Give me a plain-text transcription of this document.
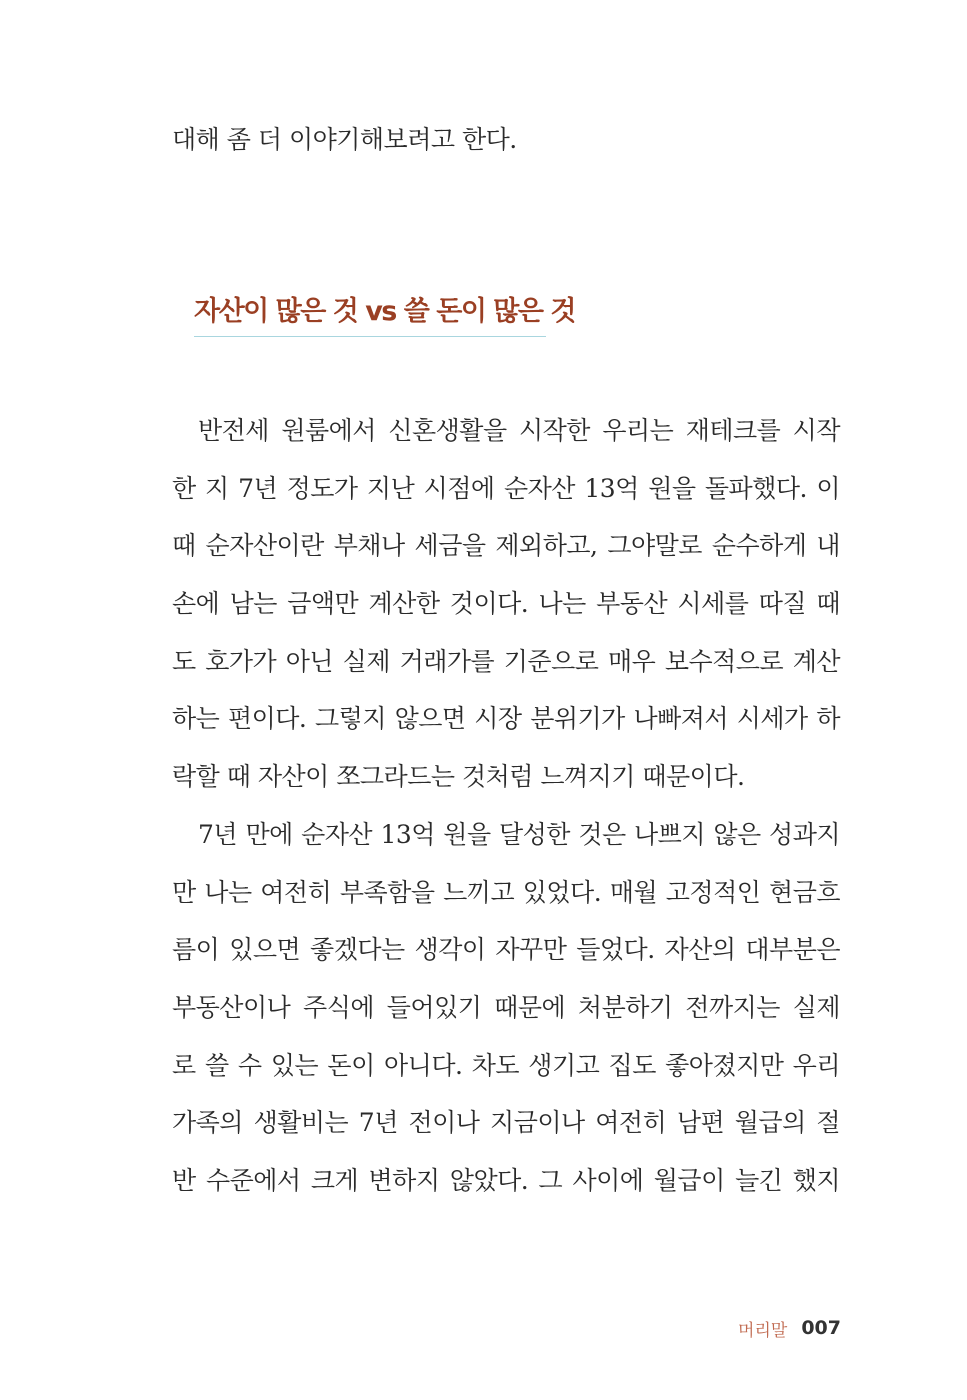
대해 좀 더 이야기해보려고 한다.
자산이 많은 것 vs 쓸 돈이 많은 것
반전세 원룸에서 신혼생활을 시작한 우리는 재테크를 시작
한 지 7년 정도가 지난 시점에 순자산 13억 원을 돌파했다. 이
때 순자산이란 부채나 세금을 제외하고, 그야말로 순수하게 내
손에 남는 금액만 계산한 것이다. 나는 부동산 시세를 따질 때
도 호가가 아닌 실제 거래가를 기준으로 매우 보수적으로 계산
하는 편이다. 그렇지 않으면 시장 분위기가 나빠져서 시세가 하
락할 때 자산이 쪼그라드는 것처럼 느껴지기 때문이다.
7년 만에 순자산 13억 원을 달성한 것은 나쁘지 않은 성과지
만 나는 여전히 부족함을 느끼고 있었다. 매월 고정적인 현금흐
름이 있으면 좋겠다는 생각이 자꾸만 들었다. 자산의 대부분은
부동산이나 주식에 들어있기 때문에 처분하기 전까지는 실제
로 쓸 수 있는 돈이 아니다. 차도 생기고 집도 좋아졌지만 우리
가족의 생활비는 7년 전이나 지금이나 여전히 남편 월급의 절
반 수준에서 크게 변하지 않았다. 그 사이에 월급이 늘긴 했지
머리말 007
